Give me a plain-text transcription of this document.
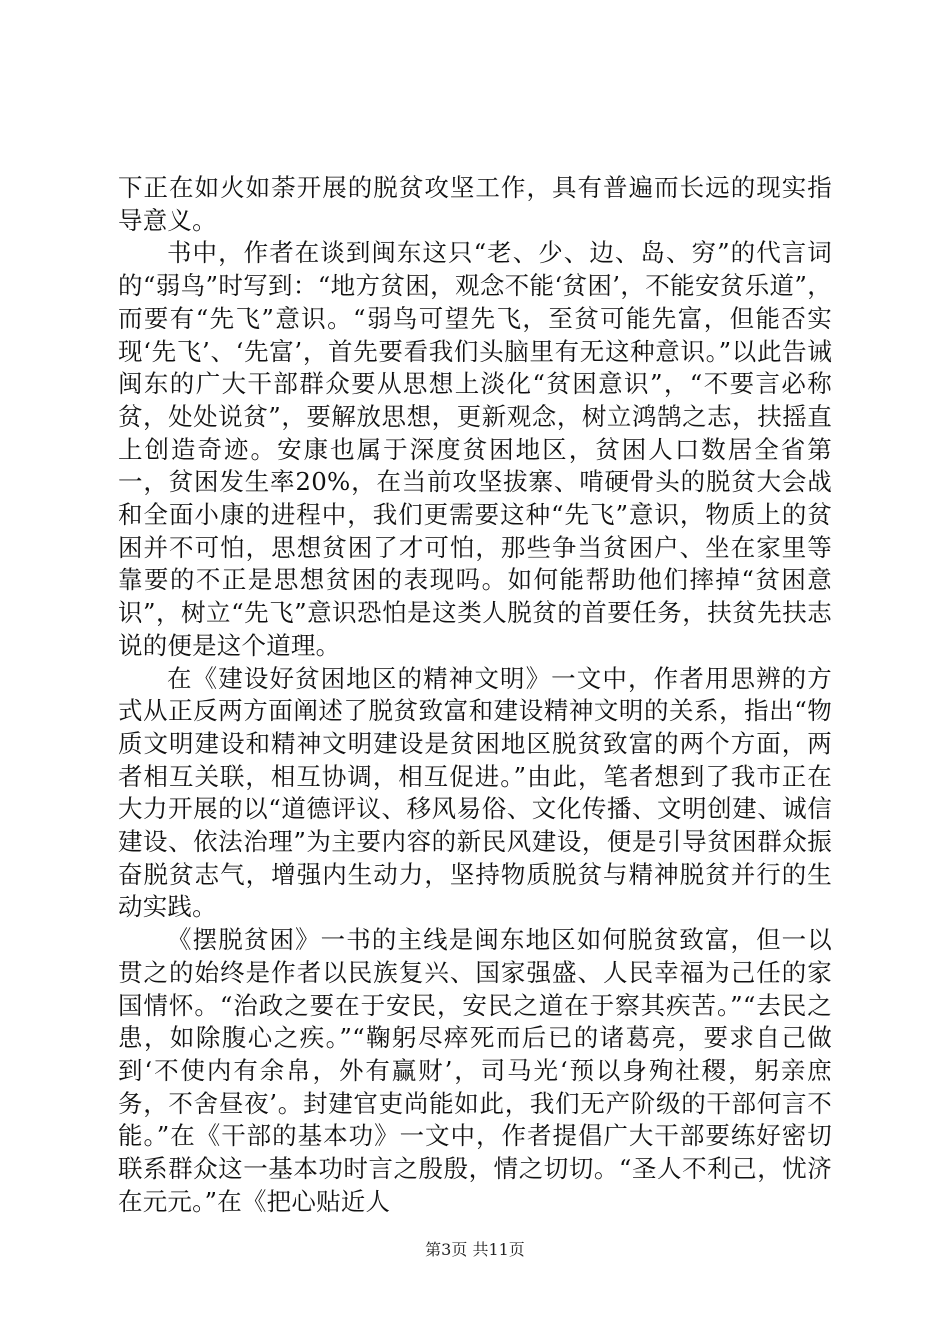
下正在如火如荼开展的脱贫攻坚工作，具有普遍而长远的现实指导意义。

书中，作者在谈到闽东这只“老、少、边、岛、穷”的代言词的“弱鸟”时写到：“地方贫困，观念不能‘贫困’，不能安贫乐道”，而要有“先飞”意识。“弱鸟可望先飞，至贫可能先富，但能否实现‘先飞’、‘先富’，首先要看我们头脑里有无这种意识。”以此告诫闽东的广大干部群众要从思想上淡化“贫困意识”，“不要言必称贫，处处说贫”，要解放思想，更新观念，树立鸿鹄之志，扶摇直上创造奇迹。安康也属于深度贫困地区，贫困人口数居全省第一，贫困发生率20%，在当前攻坚拔寨、啃硬骨头的脱贫大会战和全面小康的进程中，我们更需要这种“先飞”意识，物质上的贫困并不可怕，思想贫困了才可怕，那些争当贫困户、坐在家里等靠要的不正是思想贫困的表现吗。如何能帮助他们摔掉“贫困意识”，树立“先飞”意识恐怕是这类人脱贫的首要任务，扶贫先扶志说的便是这个道理。

在《建设好贫困地区的精神文明》一文中，作者用思辨的方式从正反两方面阐述了脱贫致富和建设精神文明的关系，指出“物质文明建设和精神文明建设是贫困地区脱贫致富的两个方面，两者相互关联，相互协调，相互促进。”由此，笔者想到了我市正在大力开展的以“道德评议、移风易俗、文化传播、文明创建、诚信建设、依法治理”为主要内容的新民风建设，便是引导贫困群众振奋脱贫志气，增强内生动力，坚持物质脱贫与精神脱贫并行的生动实践。

《摆脱贫困》一书的主线是闽东地区如何脱贫致富，但一以贯之的始终是作者以民族复兴、国家强盛、人民幸福为己任的家国情怀。“治政之要在于安民，安民之道在于察其疾苦。”“去民之患，如除腹心之疾。”“鞠躬尽瘁死而后已的诸葛亮，要求自己做到‘不使内有余帛，外有赢财’，司马光‘预以身殉社稷，躬亲庶务，不舍昼夜’。封建官吏尚能如此，我们无产阶级的干部何言不能。”在《干部的基本功》一文中，作者提倡广大干部要练好密切联系群众这一基本功时言之殷殷，情之切切。“圣人不利己，忧济在元元。”在《把心贴近人

第3页 共11页
